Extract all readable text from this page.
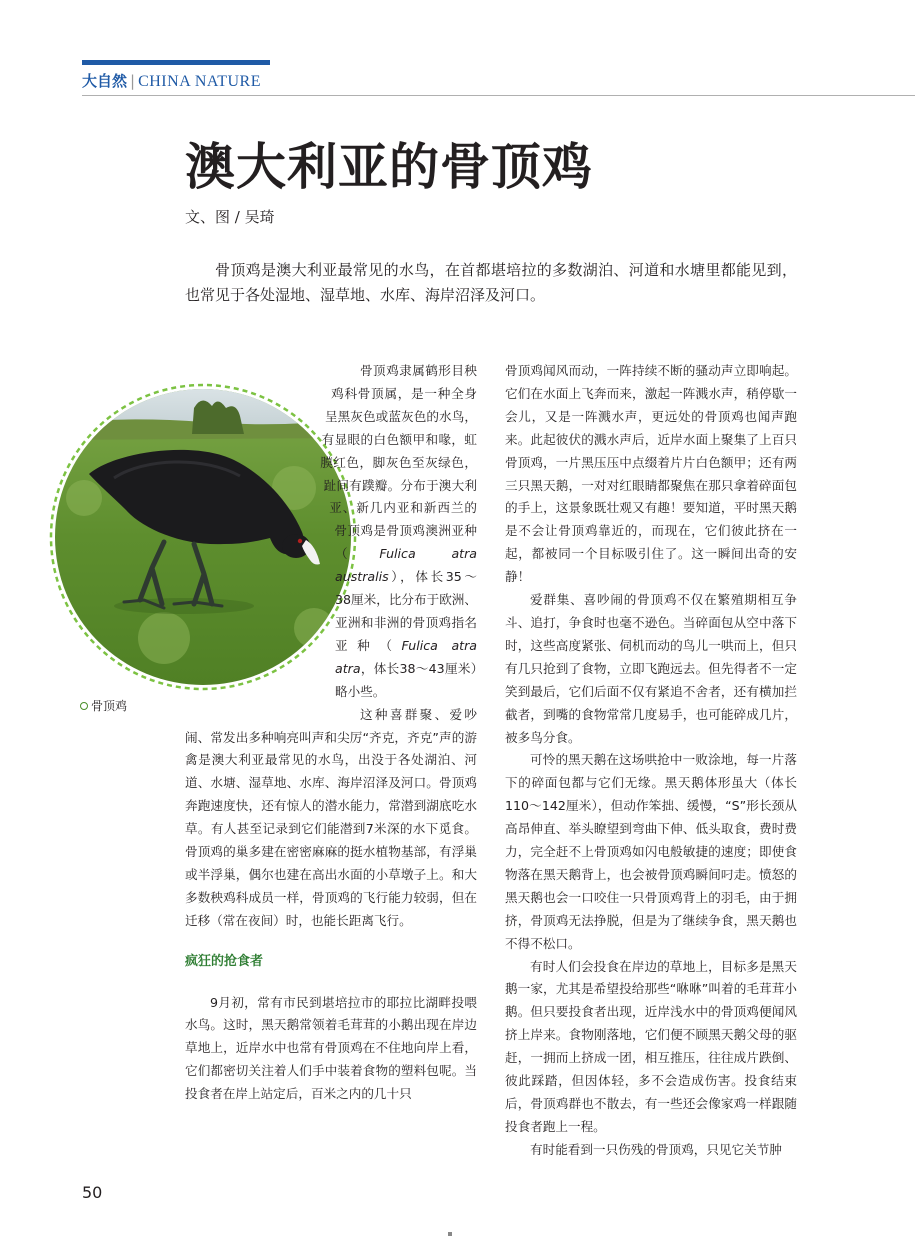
大自然 | CHINA NATURE
澳大利亚的骨顶鸡
文、图 / 吴琦

骨顶鸡是澳大利亚最常见的水鸟，在首都堪培拉的多数湖泊、河道和水塘里都能见到，也常见于各处湿地、湿草地、水库、海岸沼泽及河口。

骨顶鸡

骨顶鸡隶属鹤形目秧鸡科骨顶属，是一种全身呈黑灰色或蓝灰色的水鸟，有显眼的白色额甲和喙，虹膜红色，脚灰色至灰绿色，趾间有蹼瓣。分布于澳大利亚、新几内亚和新西兰的骨顶鸡是骨顶鸡澳洲亚种（Fulica atra australis），体长35～38厘米，比分布于欧洲、亚洲和非洲的骨顶鸡指名亚种（Fulica atra atra，体长38～43厘米）略小些。

这种喜群聚、爱吵闹、常发出多种响亮叫声和尖厉“齐克，齐克”声的游禽是澳大利亚最常见的水鸟，出没于各处湖泊、河道、水塘、湿草地、水库、海岸沼泽及河口。骨顶鸡奔跑速度快，还有惊人的潜水能力，常潜到湖底吃水草。有人甚至记录到它们能潜到7米深的水下觅食。骨顶鸡的巢多建在密密麻麻的挺水植物基部，有浮巢或半浮巢，偶尔也建在高出水面的小草墩子上。和大多数秧鸡科成员一样，骨顶鸡的飞行能力较弱，但在迁移（常在夜间）时，也能长距离飞行。

疯狂的抢食者

9月初，常有市民到堪培拉市的耶拉比湖畔投喂水鸟。这时，黑天鹅常领着毛茸茸的小鹅出现在岸边草地上，近岸水中也常有骨顶鸡在不住地向岸上看，它们都密切关注着人们手中装着食物的塑料包呢。当投食者在岸上站定后，百米之内的几十只

骨顶鸡闻风而动，一阵持续不断的骚动声立即响起。它们在水面上飞奔而来，激起一阵溅水声，稍停歇一会儿，又是一阵溅水声，更远处的骨顶鸡也闻声跑来。此起彼伏的溅水声后，近岸水面上聚集了上百只骨顶鸡，一片黑压压中点缀着片片白色额甲；还有两三只黑天鹅，一对对红眼睛都聚焦在那只拿着碎面包的手上，这景象既壮观又有趣！要知道，平时黑天鹅是不会让骨顶鸡靠近的，而现在，它们彼此挤在一起，都被同一个目标吸引住了。这一瞬间出奇的安静！

爱群集、喜吵闹的骨顶鸡不仅在繁殖期相互争斗、追打，争食时也毫不逊色。当碎面包从空中落下时，这些高度紧张、伺机而动的鸟儿一哄而上，但只有几只抢到了食物，立即飞跑远去。但先得者不一定笑到最后，它们后面不仅有紧追不舍者，还有横加拦截者，到嘴的食物常常几度易手，也可能碎成几片，被多鸟分食。

可怜的黑天鹅在这场哄抢中一败涂地，每一片落下的碎面包都与它们无缘。黑天鹅体形虽大（体长110～142厘米），但动作笨拙、缓慢，“S”形长颈从高昂伸直、举头瞭望到弯曲下伸、低头取食，费时费力，完全赶不上骨顶鸡如闪电般敏捷的速度；即使食物落在黑天鹅背上，也会被骨顶鸡瞬间叼走。愤怒的黑天鹅也会一口咬住一只骨顶鸡背上的羽毛，由于拥挤，骨顶鸡无法挣脱，但是为了继续争食，黑天鹅也不得不松口。

有时人们会投食在岸边的草地上，目标多是黑天鹅一家，尤其是希望投给那些“咻咻”叫着的毛茸茸小鹅。但只要投食者出现，近岸浅水中的骨顶鸡便闻风挤上岸来。食物刚落地，它们便不顾黑天鹅父母的驱赶，一拥而上挤成一团，相互推压，往往成片跌倒、彼此踩踏，但因体轻，多不会造成伤害。投食结束后，骨顶鸡群也不散去，有一些还会像家鸡一样跟随投食者跑上一程。

有时能看到一只伤残的骨顶鸡，只见它关节肿

50
